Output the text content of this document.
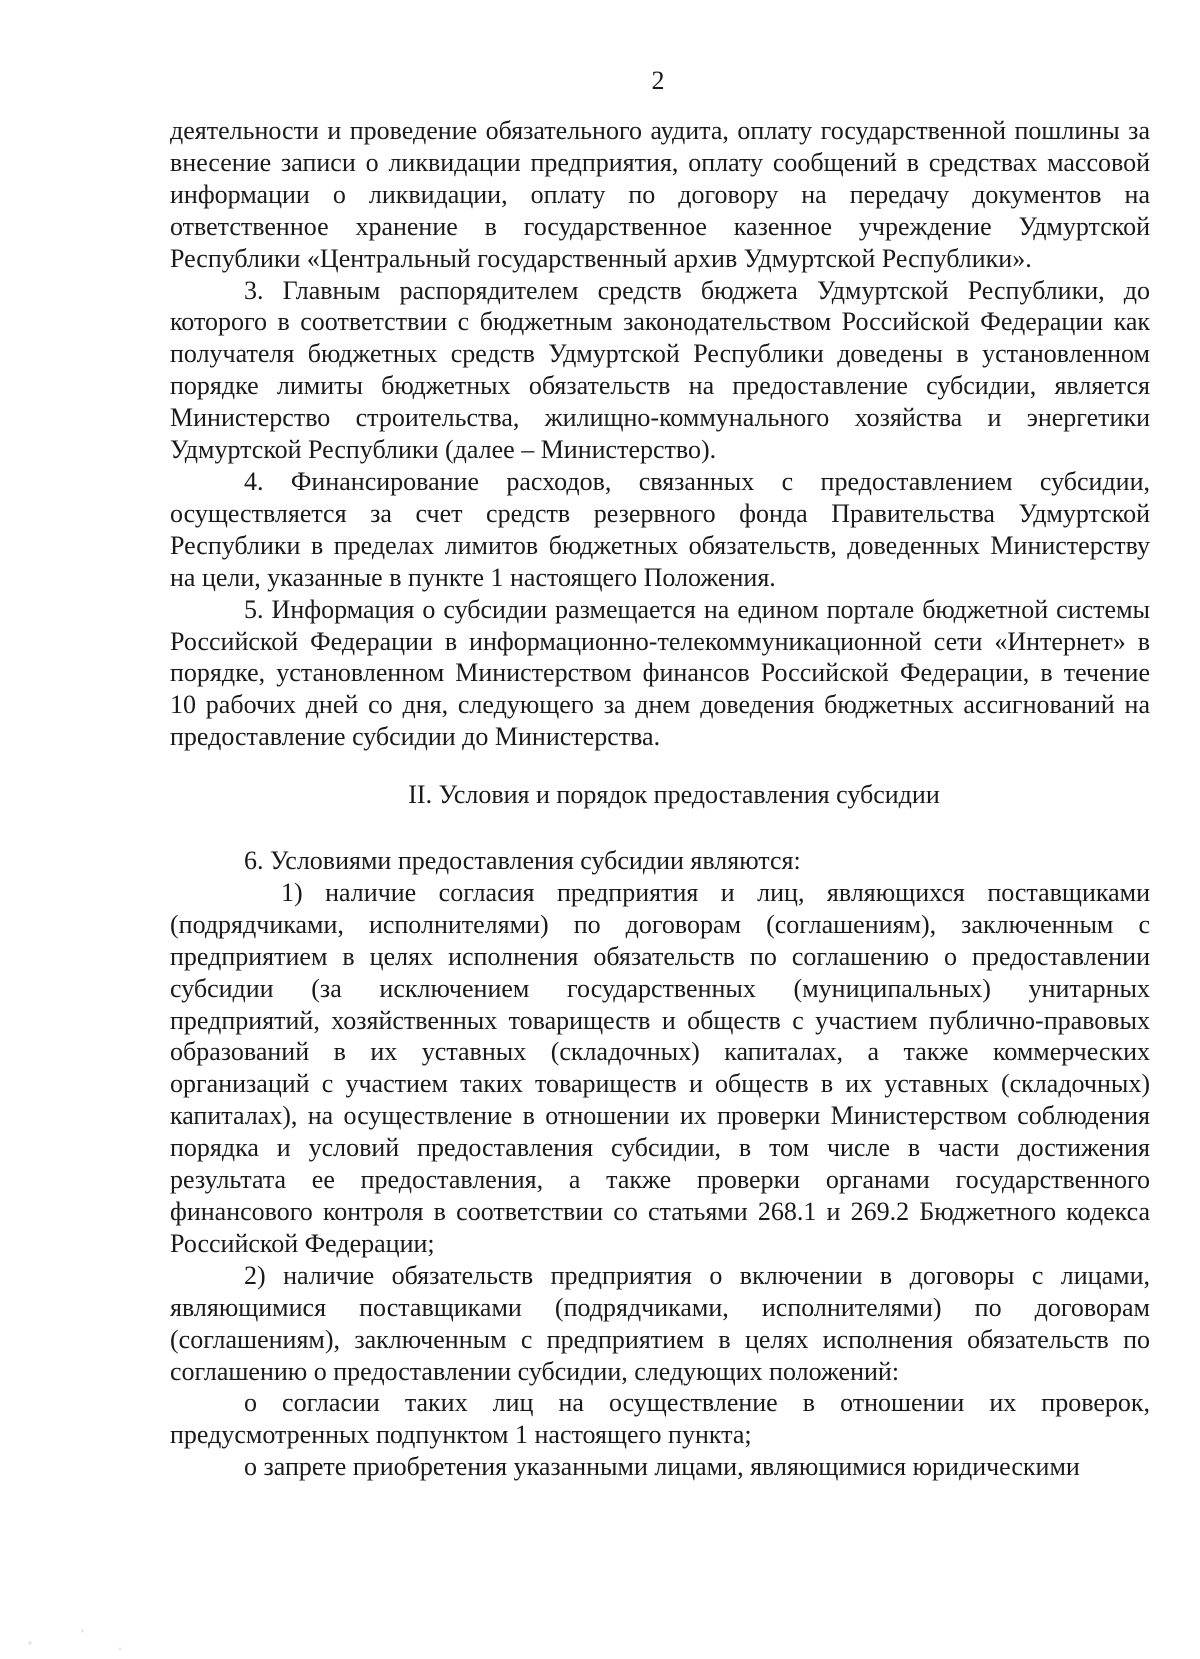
2

деятельности и проведение обязательного аудита, оплату государственной пошлины за внесение записи о ликвидации предприятия, оплату сообщений в средствах массовой информации о ликвидации, оплату по договору на передачу документов на ответственное хранение в государственное казенное учреждение Удмуртской Республики «Центральный государственный архив Удмуртской Республики».

3. Главным распорядителем средств бюджета Удмуртской Республики, до которого в соответствии с бюджетным законодательством Российской Федерации как получателя бюджетных средств Удмуртской Республики доведены в установленном порядке лимиты бюджетных обязательств на предоставление субсидии, является Министерство строительства, жилищно-коммунального хозяйства и энергетики Удмуртской Республики (далее – Министерство).

4. Финансирование расходов, связанных с предоставлением субсидии, осуществляется за счет средств резервного фонда Правительства Удмуртской Республики в пределах лимитов бюджетных обязательств, доведенных Министерству на цели, указанные в пункте 1 настоящего Положения.

5. Информация о субсидии размещается на едином портале бюджетной системы Российской Федерации в информационно-телекоммуникационной сети «Интернет» в порядке, установленном Министерством финансов Российской Федерации, в течение 10 рабочих дней со дня, следующего за днем доведения бюджетных ассигнований на предоставление субсидии до Министерства.

II. Условия и порядок предоставления субсидии

6. Условиями предоставления субсидии являются:

1) наличие согласия предприятия и лиц, являющихся поставщиками (подрядчиками, исполнителями) по договорам (соглашениям), заключенным с предприятием в целях исполнения обязательств по соглашению о предоставлении субсидии (за исключением государственных (муниципальных) унитарных предприятий, хозяйственных товариществ и обществ с участием публично-правовых образований в их уставных (складочных) капиталах, а также коммерческих организаций с участием таких товариществ и обществ в их уставных (складочных) капиталах), на осуществление в отношении их проверки Министерством соблюдения порядка и условий предоставления субсидии, в том числе в части достижения результата ее предоставления, а также проверки органами государственного финансового контроля в соответствии со статьями 268.1 и 269.2 Бюджетного кодекса Российской Федерации;

2) наличие обязательств предприятия о включении в договоры с лицами, являющимися поставщиками (подрядчиками, исполнителями) по договорам (соглашениям), заключенным с предприятием в целях исполнения обязательств по соглашению о предоставлении субсидии, следующих положений:

о согласии таких лиц на осуществление в отношении их проверок, предусмотренных подпунктом 1 настоящего пункта;

о запрете приобретения указанными лицами, являющимися юридическими
